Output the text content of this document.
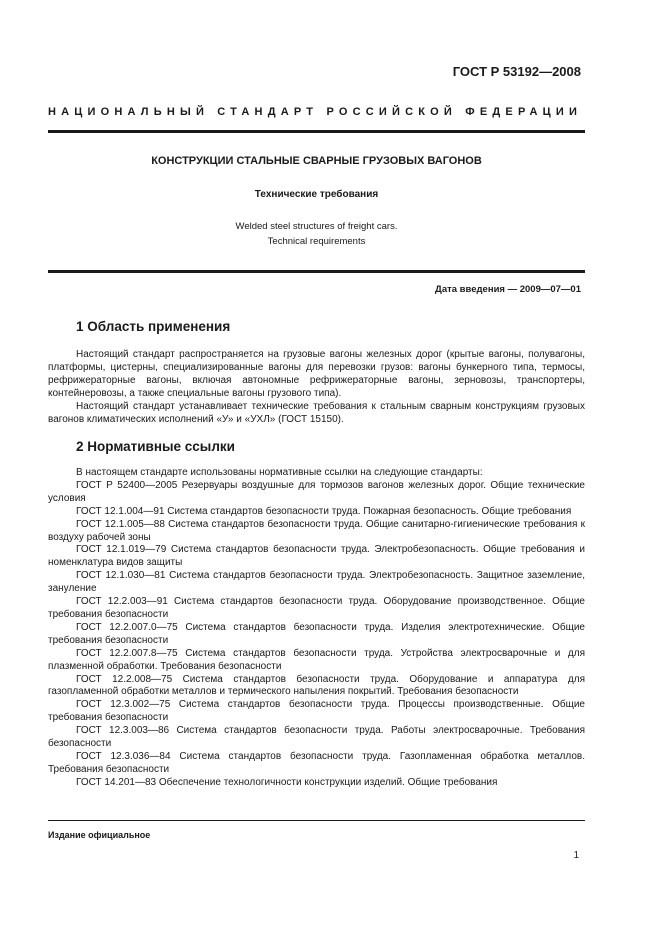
ГОСТ Р 53192—2008
НАЦИОНАЛЬНЫЙ СТАНДАРТ РОССИЙСКОЙ ФЕДЕРАЦИИ
КОНСТРУКЦИИ СТАЛЬНЫЕ СВАРНЫЕ ГРУЗОВЫХ ВАГОНОВ
Технические требования
Welded steel structures of freight cars.
Technical requirements
Дата введения — 2009—07—01
1 Область применения

Настоящий стандарт распространяется на грузовые вагоны железных дорог (крытые вагоны, полувагоны, платформы, цистерны, специализированные вагоны для перевозки грузов: вагоны бункерного типа, термосы, рефрижераторные вагоны, включая автономные рефрижераторные вагоны, зерновозы, транспортеры, контейнеровозы, а также специальные вагоны грузового типа).

Настоящий стандарт устанавливает технические требования к стальным сварным конструкциям грузовых вагонов климатических исполнений «У» и «УХЛ» (ГОСТ 15150).

2 Нормативные ссылки

В настоящем стандарте использованы нормативные ссылки на следующие стандарты:

ГОСТ Р 52400—2005 Резервуары воздушные для тормозов вагонов железных дорог. Общие технические условия

ГОСТ 12.1.004—91 Система стандартов безопасности труда. Пожарная безопасность. Общие требования

ГОСТ 12.1.005—88 Система стандартов безопасности труда. Общие санитарно-гигиенические требования к воздуху рабочей зоны

ГОСТ 12.1.019—79 Система стандартов безопасности труда. Электробезопасность. Общие требования и номенклатура видов защиты

ГОСТ 12.1.030—81 Система стандартов безопасности труда. Электробезопасность. Защитное заземление, зануление

ГОСТ 12.2.003—91 Система стандартов безопасности труда. Оборудование производственное. Общие требования безопасности

ГОСТ 12.2.007.0—75 Система стандартов безопасности труда. Изделия электротехнические. Общие требования безопасности

ГОСТ 12.2.007.8—75 Система стандартов безопасности труда. Устройства электросварочные и для плазменной обработки. Требования безопасности

ГОСТ 12.2.008—75 Система стандартов безопасности труда. Оборудование и аппаратура для газопламенной обработки металлов и термического напыления покрытий. Требования безопасности

ГОСТ 12.3.002—75 Система стандартов безопасности труда. Процессы производственные. Общие требования безопасности

ГОСТ 12.3.003—86 Система стандартов безопасности труда. Работы электросварочные. Требования безопасности

ГОСТ 12.3.036—84 Система стандартов безопасности труда. Газопламенная обработка металлов. Требования безопасности

ГОСТ 14.201—83 Обеспечение технологичности конструкции изделий. Общие требования

Издание официальное
1
